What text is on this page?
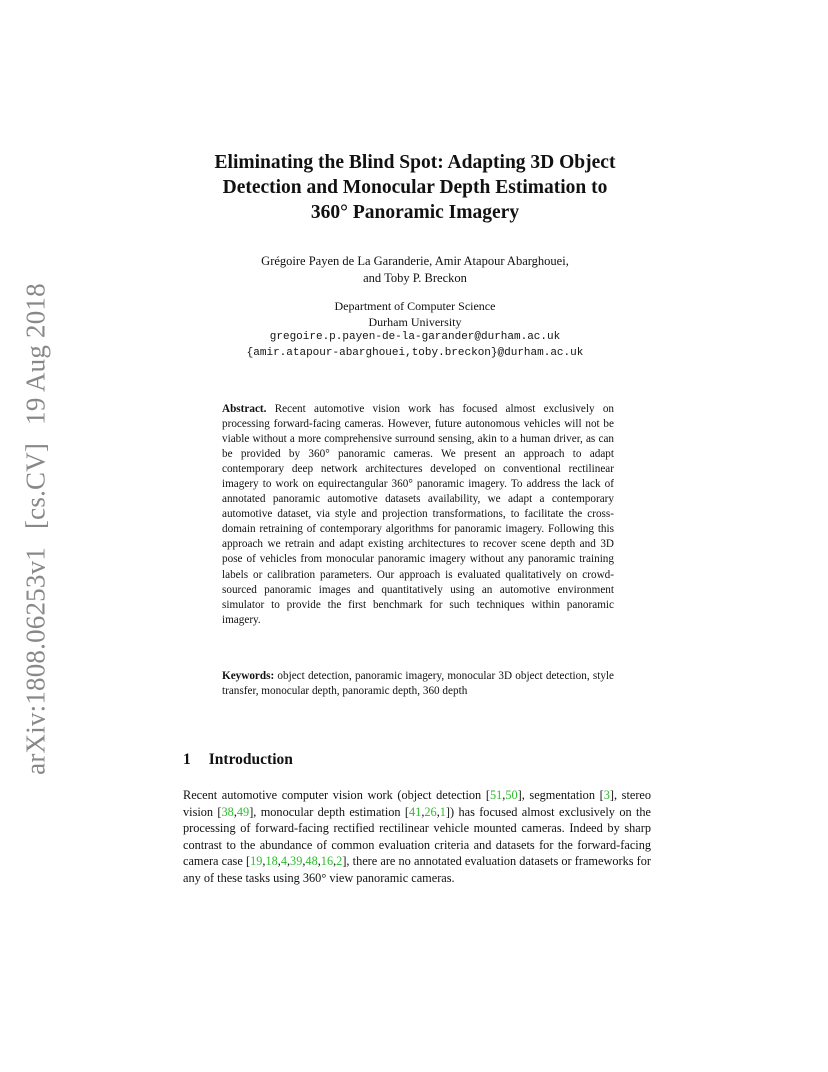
arXiv:1808.06253v1[cs.CV]19 Aug 2018
Eliminating the Blind Spot: Adapting 3D Object
Detection and Monocular Depth Estimation to
360° Panoramic Imagery
Grégoire Payen de La Garanderie, Amir Atapour Abarghouei,
and Toby P. Breckon
Department of Computer Science
Durham University
gregoire.p.payen-de-la-garander@durham.ac.uk
{amir.atapour-abarghouei,toby.breckon}@durham.ac.uk
Abstract. Recent automotive vision work has focused almost exclusively on processing forward-facing cameras. However, future autonomous vehicles will not be viable without a more comprehensive surround sensing, akin to a human driver, as can be provided by 360° panoramic cameras. We present an approach to adapt contemporary deep network architectures developed on conventional rectilinear imagery to work on equirectangular 360° panoramic imagery. To address the lack of annotated panoramic automotive datasets availability, we adapt a contemporary automotive dataset, via style and projection transformations, to facilitate the cross-domain retraining of contemporary algorithms for panoramic imagery. Following this approach we retrain and adapt existing architectures to recover scene depth and 3D pose of vehicles from monocular panoramic imagery without any panoramic training labels or calibration parameters. Our approach is evaluated qualitatively on crowd-sourced panoramic images and quantitatively using an automotive environment simulator to provide the first benchmark for such techniques within panoramic imagery.
Keywords: object detection, panoramic imagery, monocular 3D object detection, style transfer, monocular depth, panoramic depth, 360 depth
1 Introduction
Recent automotive computer vision work (object detection [51,50], segmentation [3], stereo vision [38,49], monocular depth estimation [41,26,1]) has focused almost exclusively on the processing of forward-facing rectified rectilinear vehicle mounted cameras. Indeed by sharp contrast to the abundance of common evaluation criteria and datasets for the forward-facing camera case [19,18,4,39,48,16,2], there are no annotated evaluation datasets or frameworks for any of these tasks using 360° view panoramic cameras.
